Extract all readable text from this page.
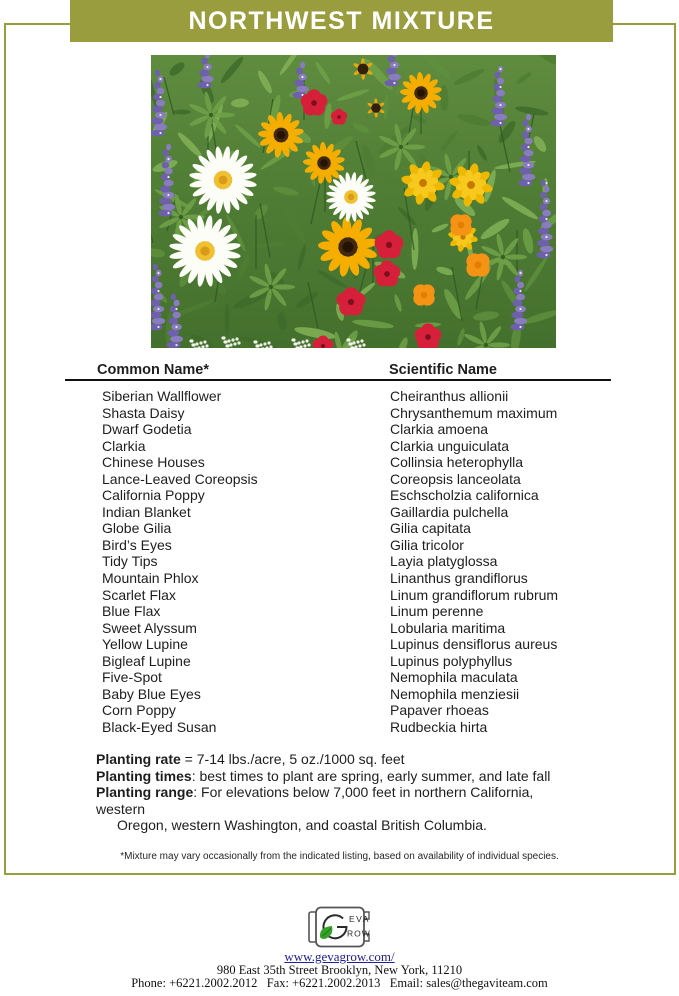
NORTHWEST MIXTURE
Common Name*	Scientific Name
Siberian Wallflower	Cheiranthus allionii
Shasta Daisy	Chrysanthemum maximum
Dwarf Godetia	Clarkia amoena
Clarkia	Clarkia unguiculata
Chinese Houses	Collinsia heterophylla
Lance-Leaved Coreopsis	Coreopsis lanceolata
California Poppy	Eschscholzia californica
Indian Blanket	Gaillardia pulchella
Globe Gilia	Gilia capitata
Bird’s Eyes	Gilia tricolor
Tidy Tips	Layia platyglossa
Mountain Phlox	Linanthus grandiflorus
Scarlet Flax	Linum grandiflorum rubrum
Blue Flax	Linum perenne
Sweet Alyssum	Lobularia maritima
Yellow Lupine	Lupinus densiflorus aureus
Bigleaf Lupine	Lupinus polyphyllus
Five-Spot	Nemophila maculata
Baby Blue Eyes	Nemophila menziesii
Corn Poppy	Papaver rhoeas
Black-Eyed Susan	Rudbeckia hirta
Planting rate = 7-14 lbs./acre, 5 oz./1000 sq. feet
Planting times: best times to plant are spring, early summer, and late fall
Planting range: For elevations below 7,000 feet in northern California,
western
Oregon, western Washington, and coastal British Columbia.
*Mixture may vary occasionally from the indicated listing, based on availability of individual species.
EVA
ROW
www.gevagrow.com/
980 East 35th Street Brooklyn, New York, 11210
Phone: +6221.2002.2012   Fax: +6221.2002.2013   Email: sales@thegaviteam.com
